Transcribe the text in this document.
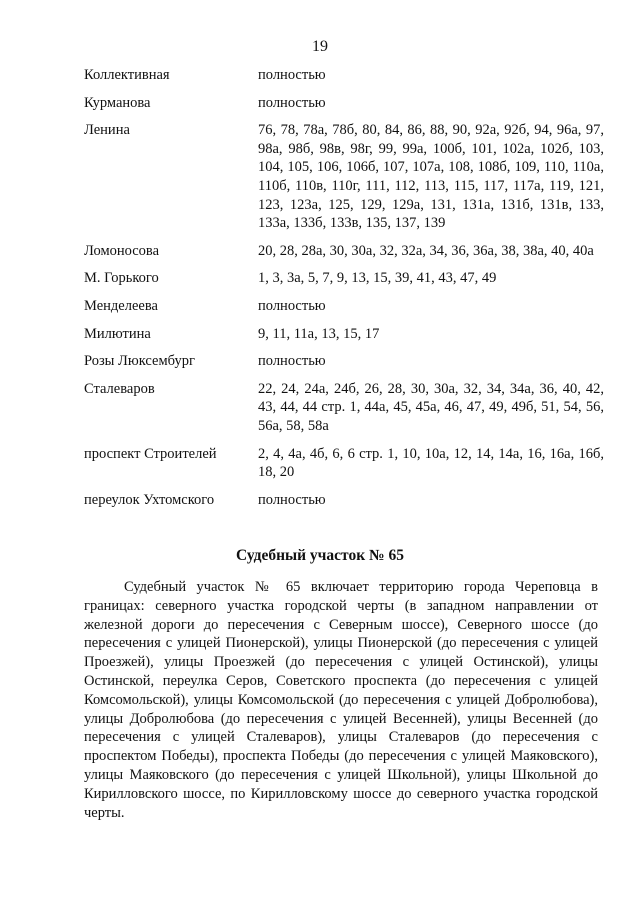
19
Коллективная	полностью
Курманова	полностью
Ленина	76, 78, 78а, 78б, 80, 84, 86, 88, 90, 92а, 92б, 94, 96а, 97, 98а, 98б, 98в, 98г, 99, 99а, 100б, 101, 102а, 102б, 103, 104, 105, 106, 106б, 107, 107а, 108, 108б, 109, 110, 110а, 110б, 110в, 110г, 111, 112, 113, 115, 117, 117а, 119, 121, 123, 123а, 125, 129, 129а, 131, 131а, 131б, 131в, 133, 133а, 133б, 133в, 135, 137, 139
Ломоносова	20, 28, 28а, 30, 30а, 32, 32а, 34, 36, 36а, 38, 38а, 40, 40а
М. Горького	1, 3, 3а, 5, 7, 9, 13, 15, 39, 41, 43, 47, 49
Менделеева	полностью
Милютина	9, 11, 11а, 13, 15, 17
Розы Люксембург	полностью
Сталеваров	22, 24, 24а, 24б, 26, 28, 30, 30а, 32, 34, 34а, 36, 40, 42, 43, 44, 44 стр. 1, 44а, 45, 45а, 46, 47, 49, 49б, 51, 54, 56, 56а, 58, 58а
проспект Строителей	2, 4, 4а, 4б, 6, 6 стр. 1, 10, 10а, 12, 14, 14а, 16, 16а, 16б, 18, 20
переулок Ухтомского	полностью
Судебный участок № 65

Судебный участок № 65 включает территорию города Череповца в границах: северного участка городской черты (в западном направлении от железной дороги до пересечения с Северным шоссе), Северного шоссе (до пересечения с улицей Пионерской), улицы Пионерской (до пересечения с улицей Проезжей), улицы Проезжей (до пересечения с улицей Остинской), улицы Остинской, переулка Серов, Советского проспекта (до пересечения с улицей Комсомольской), улицы Комсомольской (до пересечения с улицей Добролюбова), улицы Добролюбова (до пересечения с улицей Весенней), улицы Весенней (до пересечения с улицей Сталеваров), улицы Сталеваров (до пересечения с проспектом Победы), проспекта Победы (до пересечения с улицей Маяковского), улицы Маяковского (до пересечения с улицей Школьной), улицы Школьной до Кирилловского шоссе, по Кирилловскому шоссе до северного участка городской черты.
